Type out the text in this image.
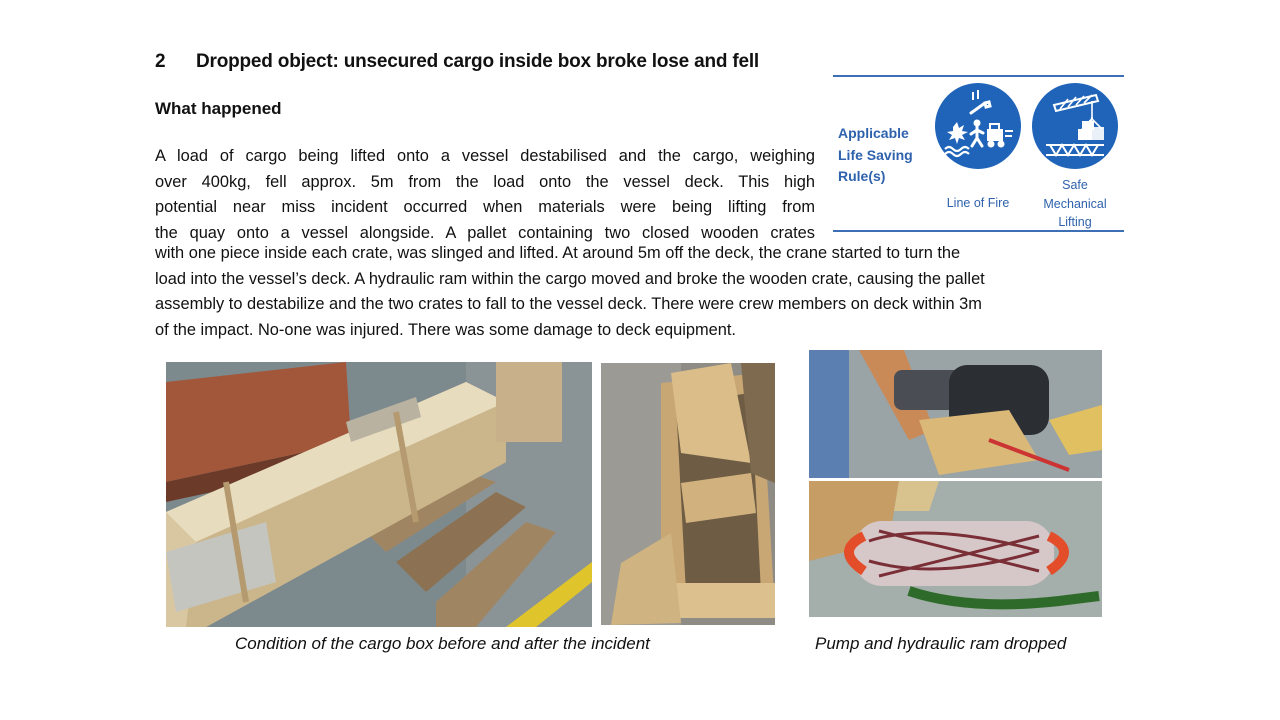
2 Dropped object: unsecured cargo inside box broke lose and fell
What happened
A load of cargo being lifted onto a vessel destabilised and the cargo, weighing
over 400kg, fell approx. 5m from the load onto the vessel deck. This high
potential near miss incident occurred when materials were being lifting from
the quay onto a vessel alongside. A pallet containing two closed wooden crates
with one piece inside each crate, was slinged and lifted. At around 5m off the deck, the crane started to turn the
load into the vessel’s deck. A hydraulic ram within the cargo moved and broke the wooden crate, causing the pallet
assembly to destabilize and the two crates to fall to the vessel deck. There were crew members on deck within 3m
of the impact. No-one was injured. There was some damage to deck equipment.
Applicable
Life Saving
Rule(s)
Line of Fire
Safe
Mechanical
Lifting
Condition of the cargo box before and after the incident	Pump and hydraulic ram dropped
